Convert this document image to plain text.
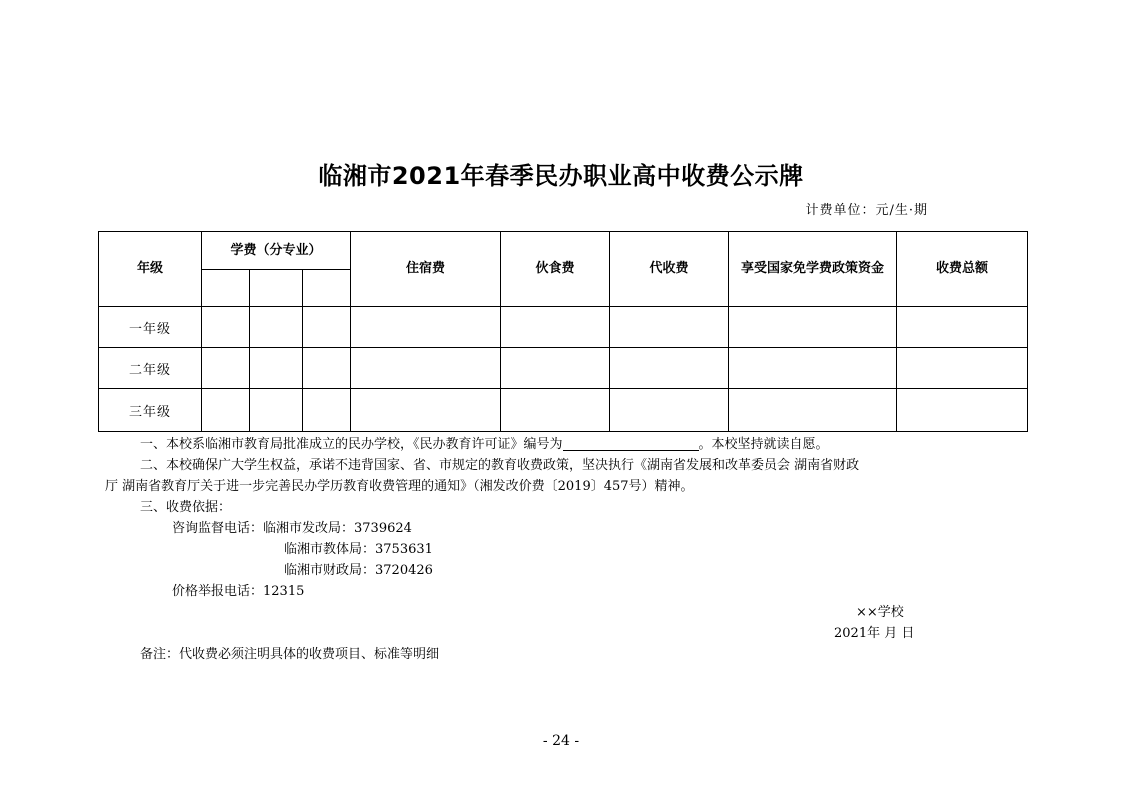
临湘市2021年春季民办职业高中收费公示牌
计费单位：元/生·期
年级	学费（分专业）			住宿费	伙食费	代收费	享受国家免学费政策资金	收费总额

一年级								
二年级								
三年级								
一、本校系临湘市教育局批准成立的民办学校，《民办教育许可证》编号为	。本校坚持就读自愿。
二、本校确保广大学生权益，承诺不违背国家、省、市规定的教育收费政策，坚决执行《湖南省发展和改革委员会 湖南省财政
厅 湖南省教育厅关于进一步完善民办学历教育收费管理的通知》（湘发改价费〔2019〕457号）精神。
三、收费依据：
咨询监督电话：临湘市发改局：3739624
临湘市教体局：3753631
临湘市财政局：3720426
价格举报电话：12315
××学校
2021年 月 日
备注：代收费必须注明具体的收费项目、标准等明细
- 24 -
